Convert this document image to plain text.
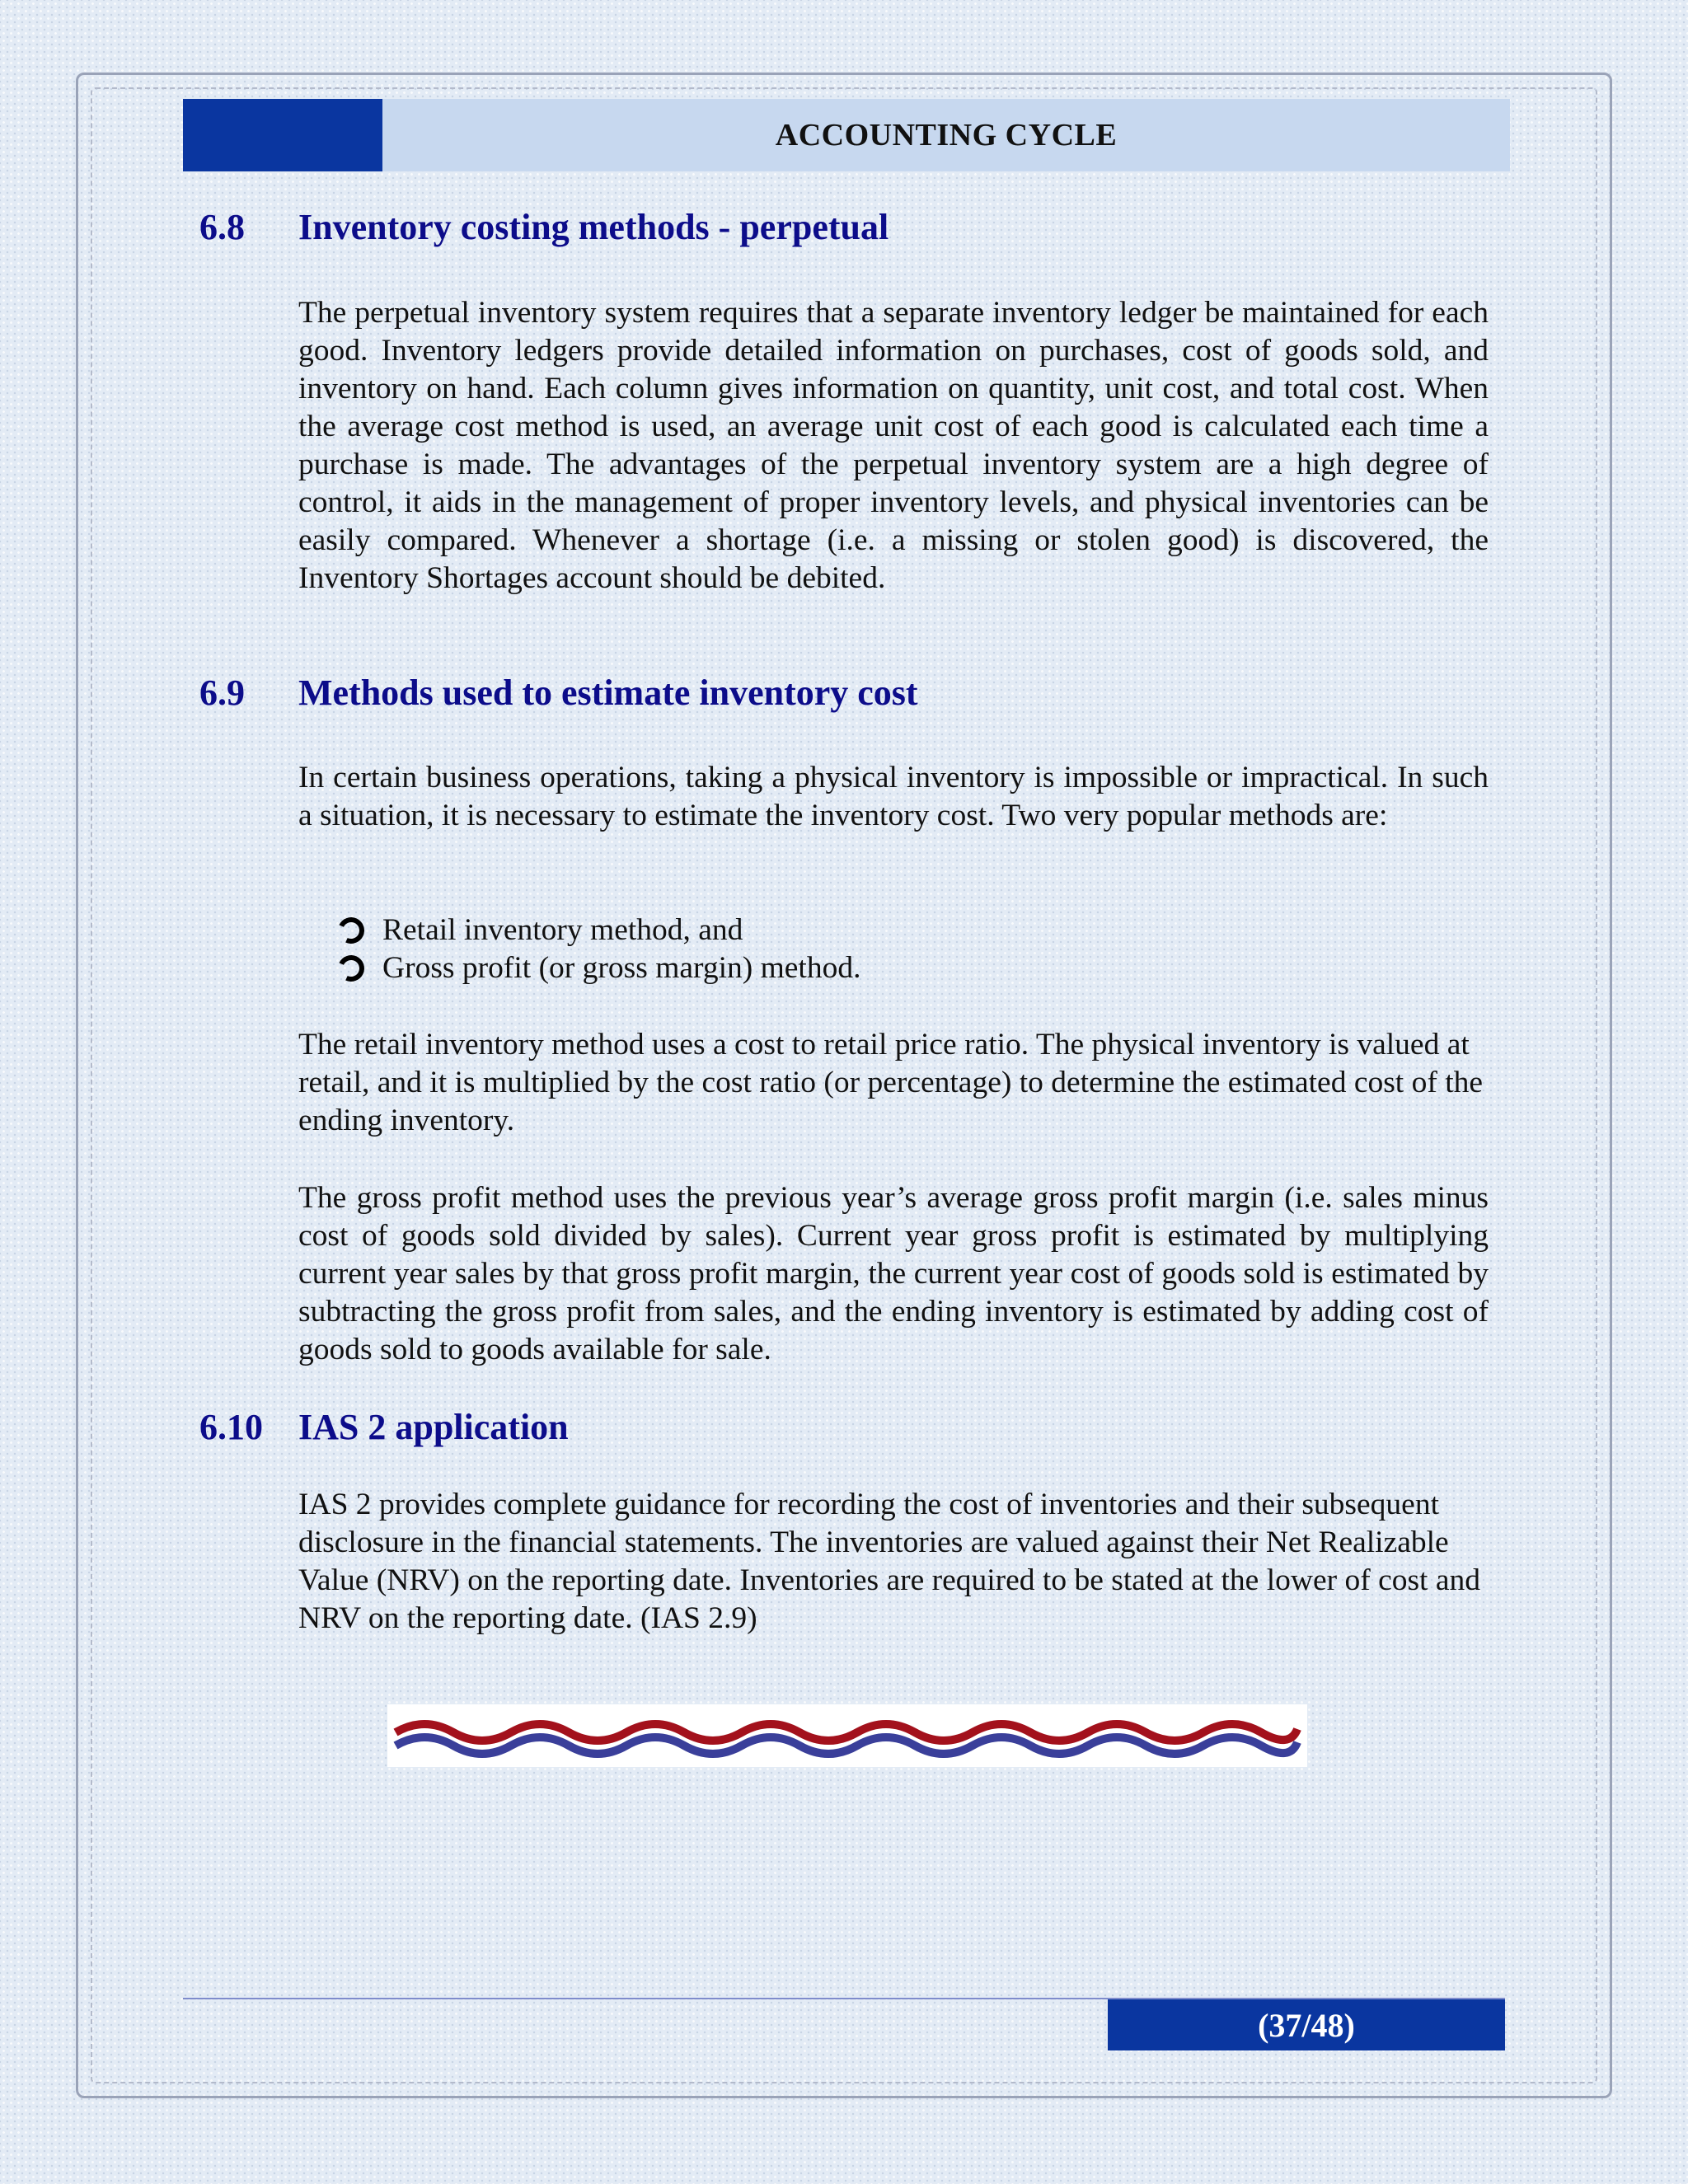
ACCOUNTING CYCLE
6.8 Inventory costing methods - perpetual

The perpetual inventory system requires that a separate inventory ledger be maintained for each good. Inventory ledgers provide detailed information on purchases, cost of goods sold, and inventory on hand. Each column gives information on quantity, unit cost, and total cost. When the average cost method is used, an average unit cost of each good is calculated each time a purchase is made. The advantages of the perpetual inventory system are a high degree of control, it aids in the management of proper inventory levels, and physical inventories can be easily compared. Whenever a shortage (i.e. a missing or stolen good) is discovered, the Inventory Shortages account should be debited.

6.9 Methods used to estimate inventory cost

In certain business operations, taking a physical inventory is impossible or impractical. In such a situation, it is necessary to estimate the inventory cost. Two very popular methods are:

Retail inventory method, and
Gross profit (or gross margin) method.

The retail inventory method uses a cost to retail price ratio. The physical inventory is valued at retail, and it is multiplied by the cost ratio (or percentage) to determine the estimated cost of the ending inventory.

The gross profit method uses the previous year’s average gross profit margin (i.e. sales minus cost of goods sold divided by sales). Current year gross profit is estimated by multiplying current year sales by that gross profit margin, the current year cost of goods sold is estimated by subtracting the gross profit from sales, and the ending inventory is estimated by adding cost of goods sold to goods available for sale.

6.10 IAS 2 application

IAS 2 provides complete guidance for recording the cost of inventories and their subsequent disclosure in the financial statements. The inventories are valued against their Net Realizable Value (NRV) on the reporting date. Inventories are required to be stated at the lower of cost and NRV on the reporting date. (IAS 2.9)

(37/48)
